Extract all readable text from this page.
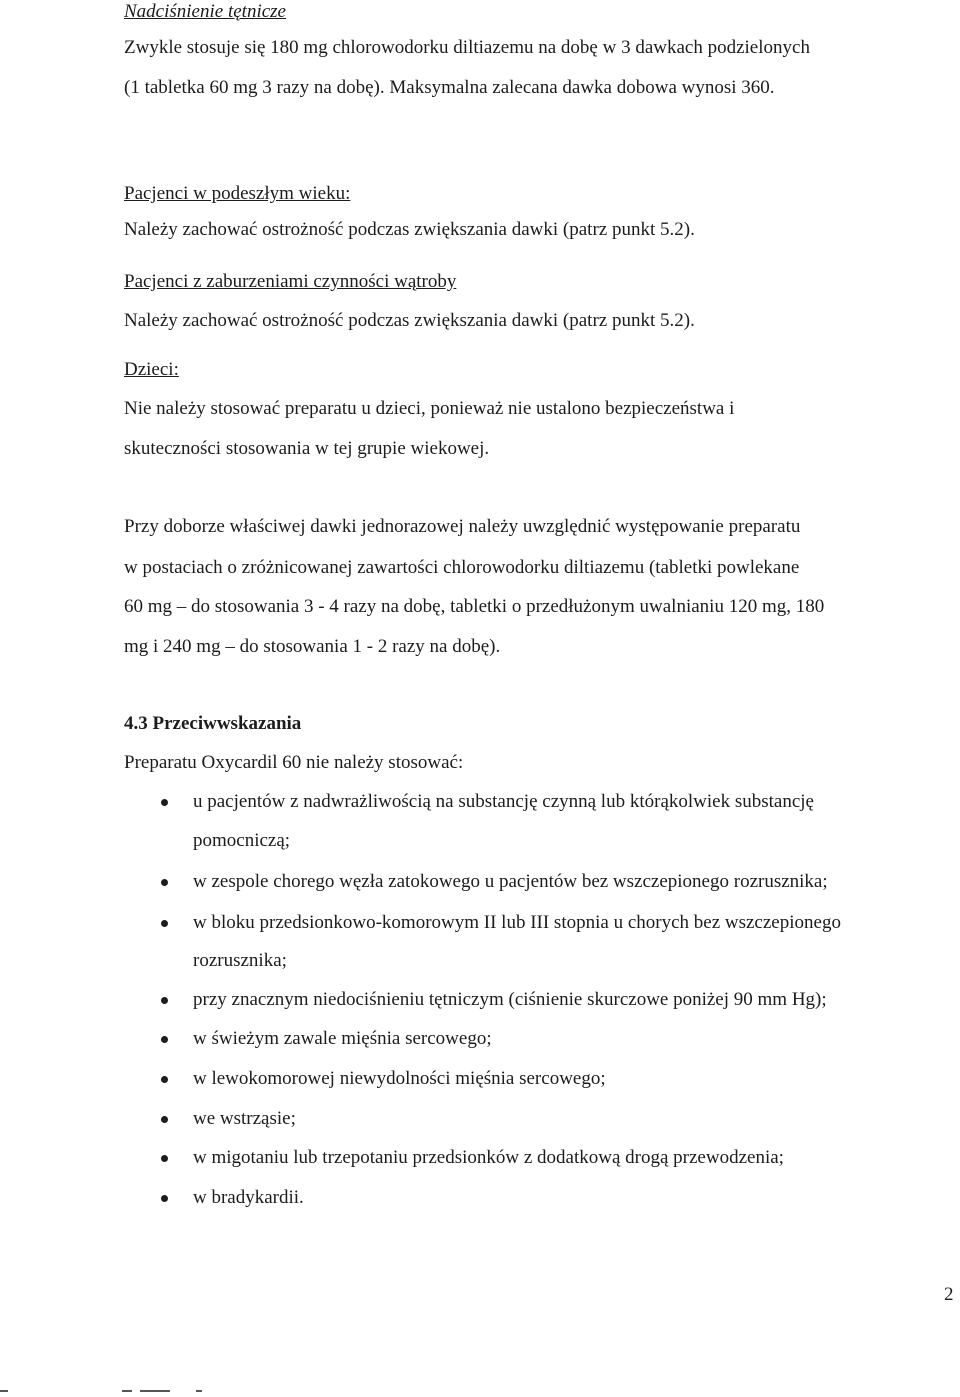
Nadciśnienie tętnicze
Zwykle stosuje się 180 mg chlorowodorku diltiazemu na dobę w 3 dawkach podzielonych
(1 tabletka 60 mg 3 razy na dobę). Maksymalna zalecana dawka dobowa wynosi 360.
Pacjenci w podeszłym wieku:
Należy zachować ostrożność podczas zwiększania dawki (patrz punkt 5.2).
Pacjenci z zaburzeniami czynności wątroby
Należy zachować ostrożność podczas zwiększania dawki (patrz punkt 5.2).
Dzieci:
Nie należy stosować preparatu u dzieci, ponieważ nie ustalono bezpieczeństwa i
skuteczności stosowania w tej grupie wiekowej.
Przy doborze właściwej dawki jednorazowej należy uwzględnić występowanie preparatu
w postaciach o zróżnicowanej zawartości chlorowodorku diltiazemu (tabletki powlekane
60 mg – do stosowania 3 - 4 razy na dobę, tabletki o przedłużonym uwalnianiu 120 mg, 180
mg i 240 mg – do stosowania 1 - 2 razy na dobę).
4.3 Przeciwwskazania
Preparatu Oxycardil 60 nie należy stosować:
u pacjentów z nadwrażliwością na substancję czynną lub którąkolwiek substancję
pomocniczą;
w zespole chorego węzła zatokowego u pacjentów bez wszczepionego rozrusznika;
w bloku przedsionkowo-komorowym II lub III stopnia u chorych bez wszczepionego
rozrusznika;
przy znacznym niedociśnieniu tętniczym (ciśnienie skurczowe poniżej 90 mm Hg);
w świeżym zawale mięśnia sercowego;
w lewokomorowej niewydolności mięśnia sercowego;
we wstrząsie;
w migotaniu lub trzepotaniu przedsionków z dodatkową drogą przewodzenia;
w bradykardii.
2
